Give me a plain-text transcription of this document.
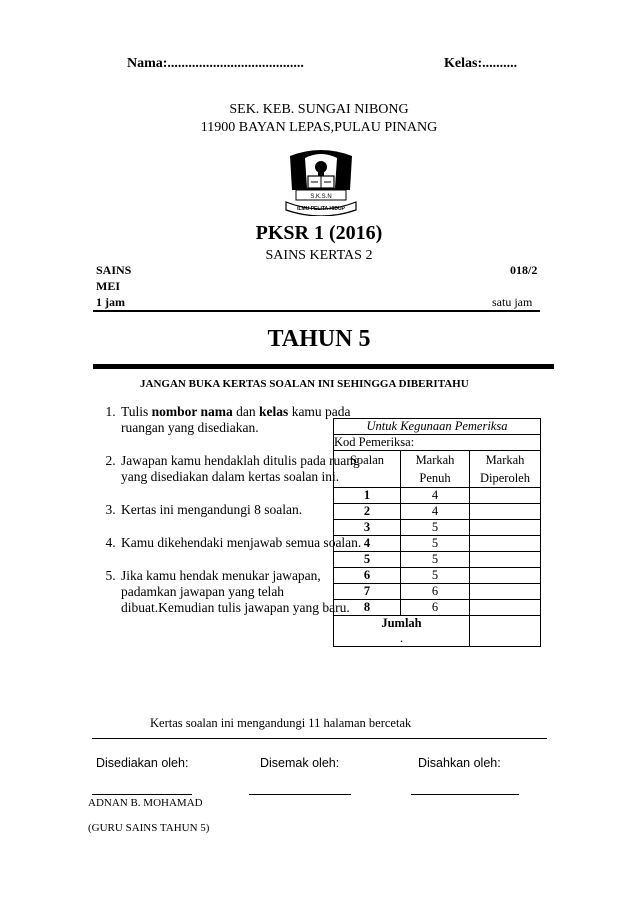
Nama:.......................................	Kelas:..........
SEK. KEB. SUNGAI NIBONG
11900 BAYAN LEPAS,PULAU PINANG
S.K.S.N
ILMU PELITA HIDUP
PKSR 1 (2016)
SAINS KERTAS 2
SAINS	018/2
MEI
1 jam	satu jam
TAHUN 5
JANGAN BUKA KERTAS SOALAN INI SEHINGGA DIBERITAHU
1. Tulis nombor nama dan kelas kamu pada ruangan yang disediakan.
2. Jawapan kamu hendaklah ditulis pada ruang yang disediakan dalam kertas soalan ini.
3. Kertas ini mengandungi 8 soalan.
4. Kamu dikehendaki menjawab semua soalan.
5. Jika kamu hendak menukar jawapan, padamkan jawapan yang telah dibuat.Kemudian tulis jawapan yang baru.
Untuk Kegunaan Pemeriksa		
Kod Pemeriksa:		
Soalan	Markah	Markah
	Penuh	Diperoleh
1	4	
2	4	
3	5	
4	5	
5	5	
6	5	
7	6	
8	6	

Jumlah
.		

Kertas soalan ini mengandungi 11 halaman bercetak
Disediakan oleh:	Disemak oleh:	Disahkan oleh:
ADNAN B. MOHAMAD
(GURU SAINS TAHUN 5)
